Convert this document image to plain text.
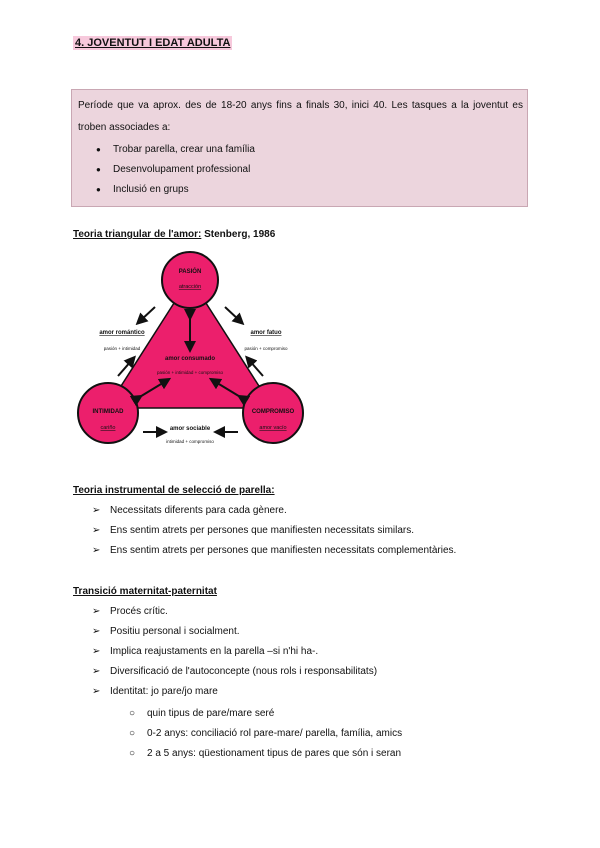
4. JOVENTUT I EDAT ADULTA
Període que va aprox. des de 18-20 anys fins a finals 30, inici 40. Les tasques a la joventut es troben associades a:
●	Trobar parella, crear una família
●	Desenvolupament professional
●	Inclusió en grups
Teoria triangular de l'amor: Stenberg, 1986
PASIÓN
atracción
INTIMIDAD
cariño
COMPROMISO
amor vacío
amor consumado
pasión + intimidad + compromiso
amor romántico
pasión + intimidad
amor fatuo
pasión + compromiso
amor sociable
intimidad + compromiso
Teoria instrumental de selecció de parella:
➢ Necessitats diferents para cada gènere.
➢ Ens sentim atrets per persones que manifiesten necessitats similars.
➢ Ens sentim atrets per persones que manifiesten necessitats complementàries.
Transició maternitat-paternitat
➢ Procés crític.
➢ Positiu personal i socialment.
➢ Implica reajustaments en la parella –si n'hi ha-.
➢ Diversificació de l'autoconcepte (nous rols i responsabilitats)
➢ Identitat: jo pare/jo mare
○	quin tipus de pare/mare seré
○	0-2 anys: conciliació rol pare-mare/ parella, família, amics
○	2 a 5 anys: qüestionament tipus de pares que són i seran
